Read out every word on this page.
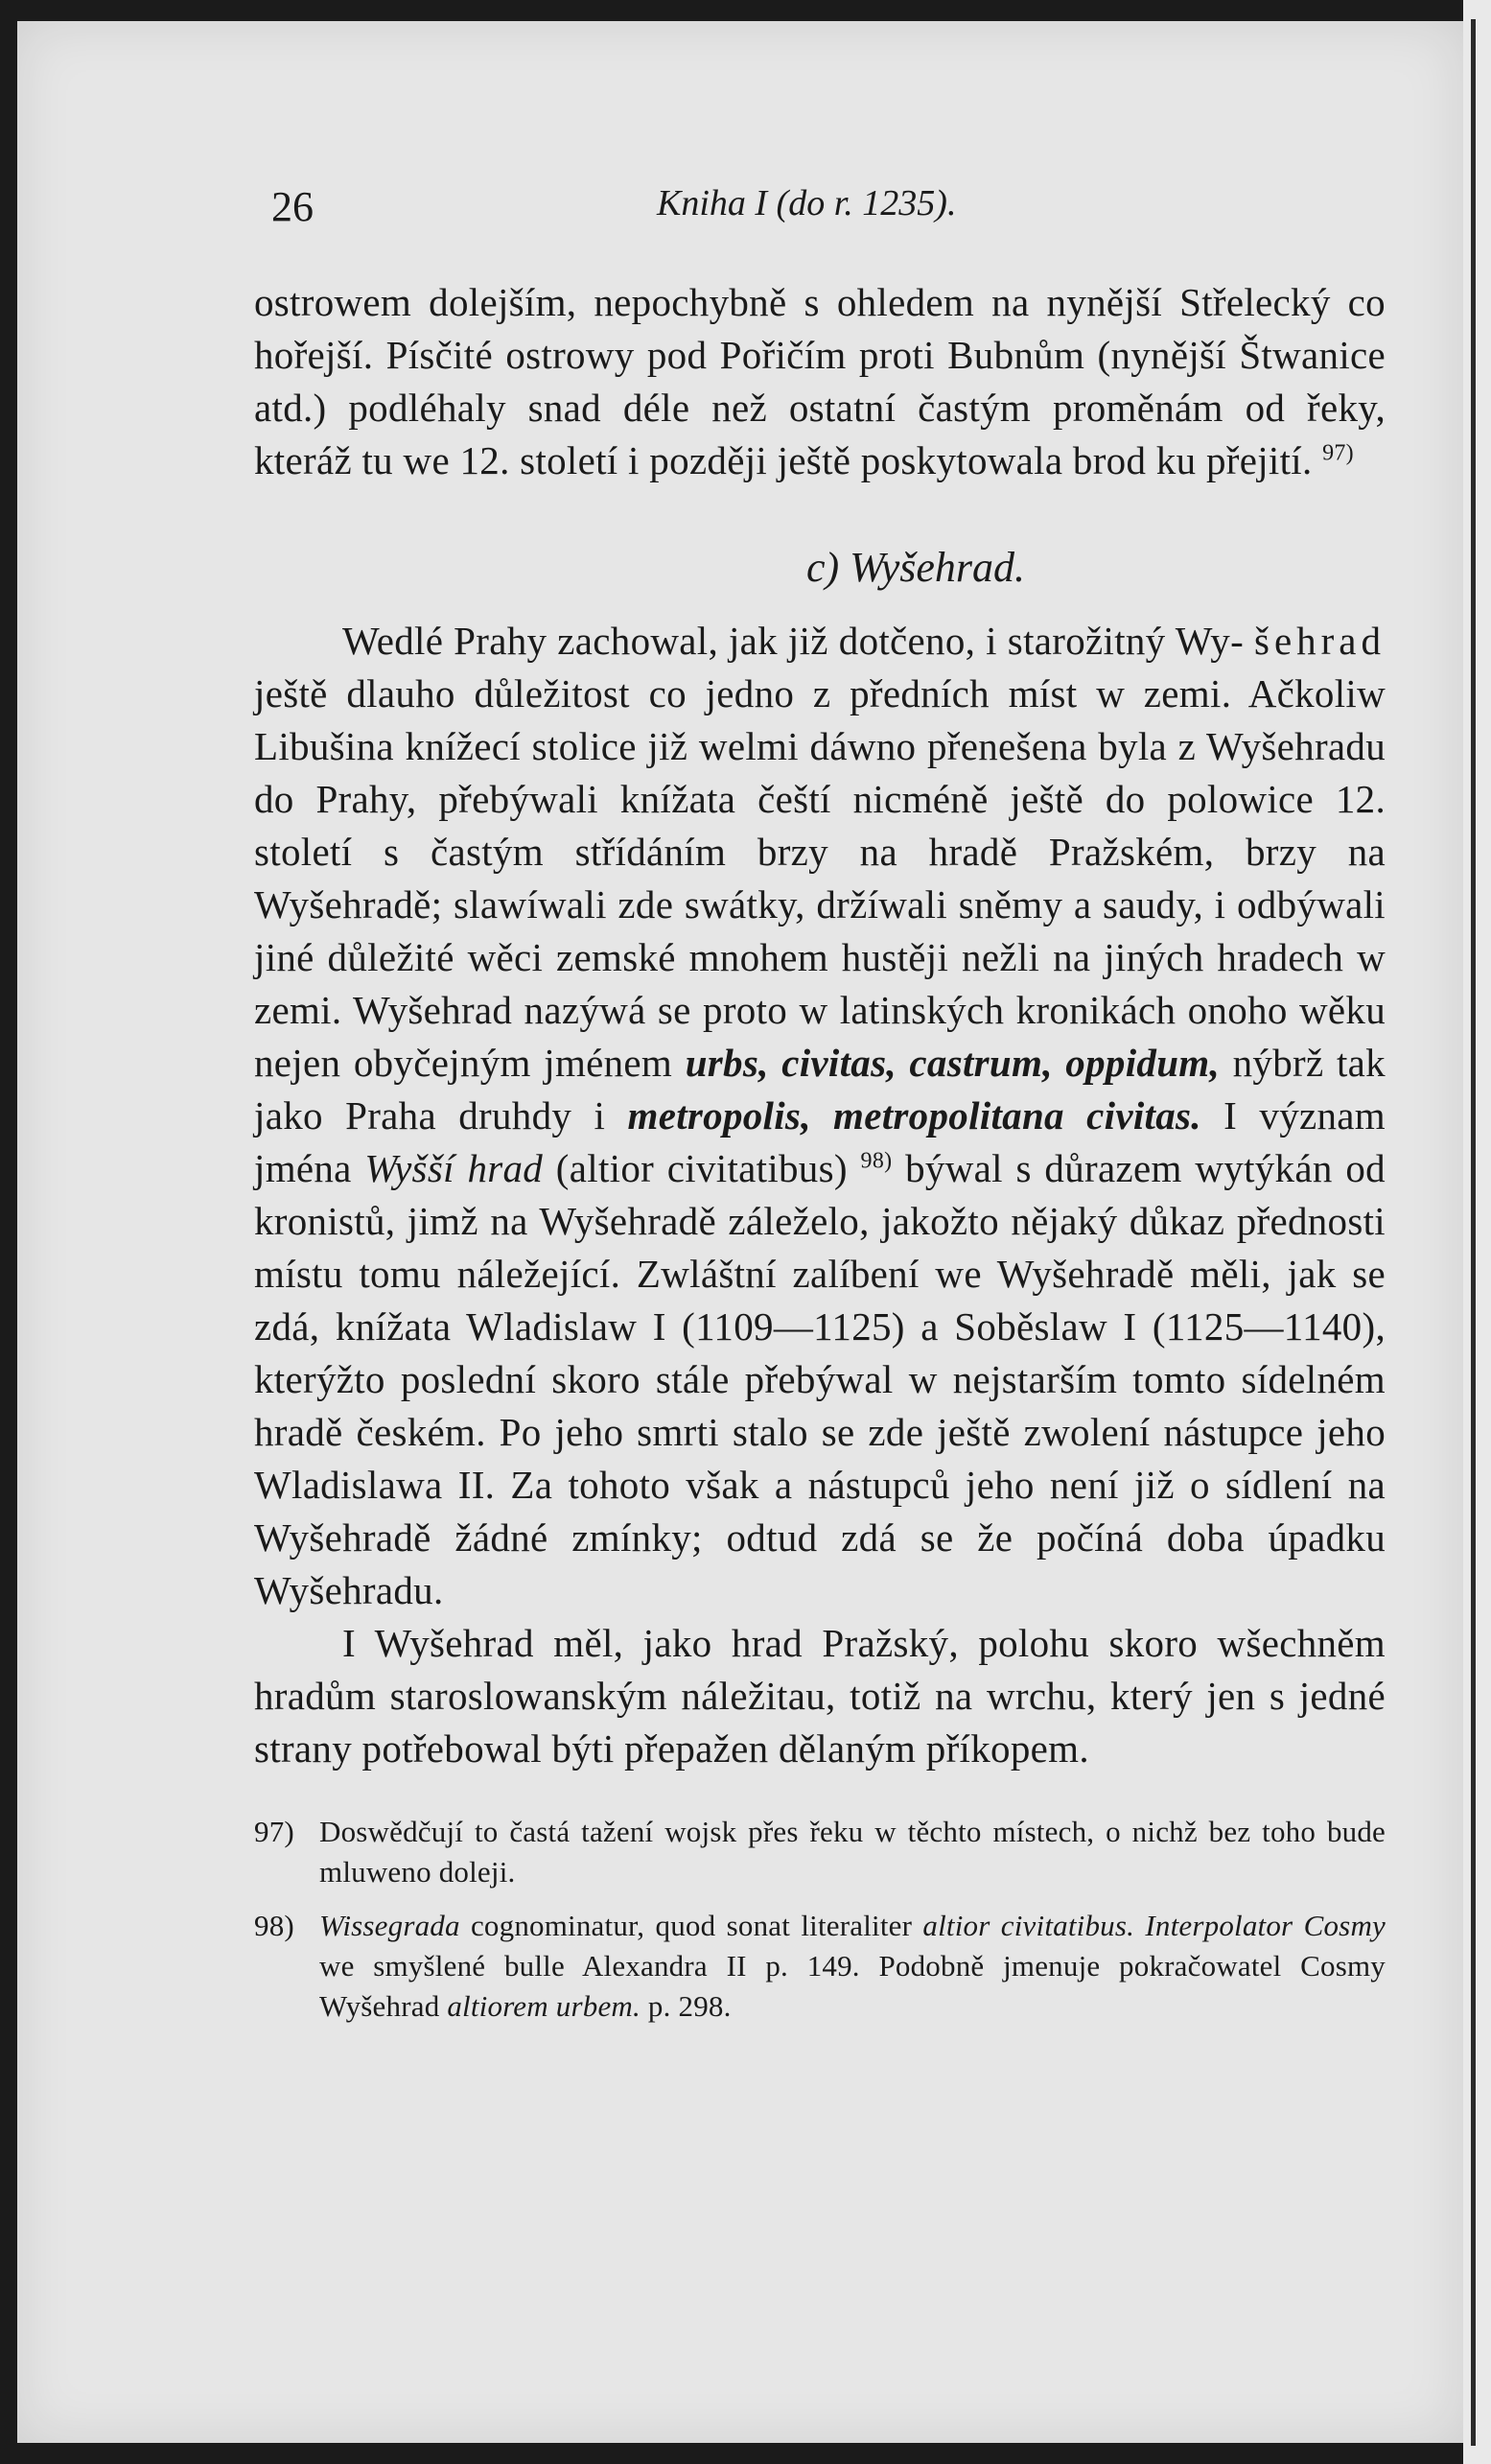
26	Kniha I (do r. 1235).

ostrowem dolejším, nepochybně s ohledem na nynější Střelecký co hořejší. Písčité ostrowy pod Pořičím proti Bubnům (nynější Štwanice atd.) podléhaly snad déle než ostatní častým proměnám od řeky, kteráž tu we 12. století i později ještě poskytowala brod ku přejití. $^{97)}$

c) Wyšehrad.

Wedlé Prahy zachowal, jak již dotčeno, i starožitný Wy- šehrad ještě dlauho důležitost co jedno z předních míst w zemi. Ačkoliw Libušina knížecí stolice již welmi dáwno přenešena byla z Wyšehradu do Prahy, přebýwali knížata čeští nicméně ještě do polowice 12. století s častým střídáním brzy na hradě Pražském, brzy na Wyšehradě; slawíwali zde swátky, držíwali sněmy a saudy, i odbýwali jiné důležité wěci zemské mnohem hustěji nežli na jiných hradech w zemi. Wyšehrad nazýwá se proto w latinských kronikách onoho wěku nejen obyčejným jménem urbs, civitas, castrum, oppidum, nýbrž tak jako Praha druhdy i metropolis, metropolitana civitas. I význam jména Wyšší hrad (altior civitatibus) $^{98)}$ býwal s důrazem wytýkán od kronistů, jimž na Wyšehradě záleželo, jakožto nějaký důkaz přednosti místu tomu náležející. Zwláštní zalíbení we Wyšehradě měli, jak se zdá, knížata Wladislaw I (1109—1125) a Soběslaw I (1125—1140), kterýžto poslední skoro stále přebýwal w nejstarším tomto sídelném hradě českém. Po jeho smrti stalo se zde ještě zwolení nástupce jeho Wladislawa II. Za tohoto však a nástupců jeho není již o sídlení na Wyšehradě žádné zmínky; odtud zdá se že počíná doba úpadku Wyšehradu.

I Wyšehrad měl, jako hrad Pražský, polohu skoro wšechněm hradům staroslowanským náležitau, totiž na wrchu, který jen s jedné strany potřebowal býti přepažen dělaným příkopem.

97) Doswědčují to častá tažení wojsk přes řeku w těchto místech, o nichž bez toho bude mluweno doleji.

98) Wissegrada cognominatur, quod sonat literaliter altior civitatibus. Interpolator Cosmy we smyšlené bulle Alexandra II p. 149. Podobně jmenuje pokračowatel Cosmy Wyšehrad altiorem urbem. p. 298.
